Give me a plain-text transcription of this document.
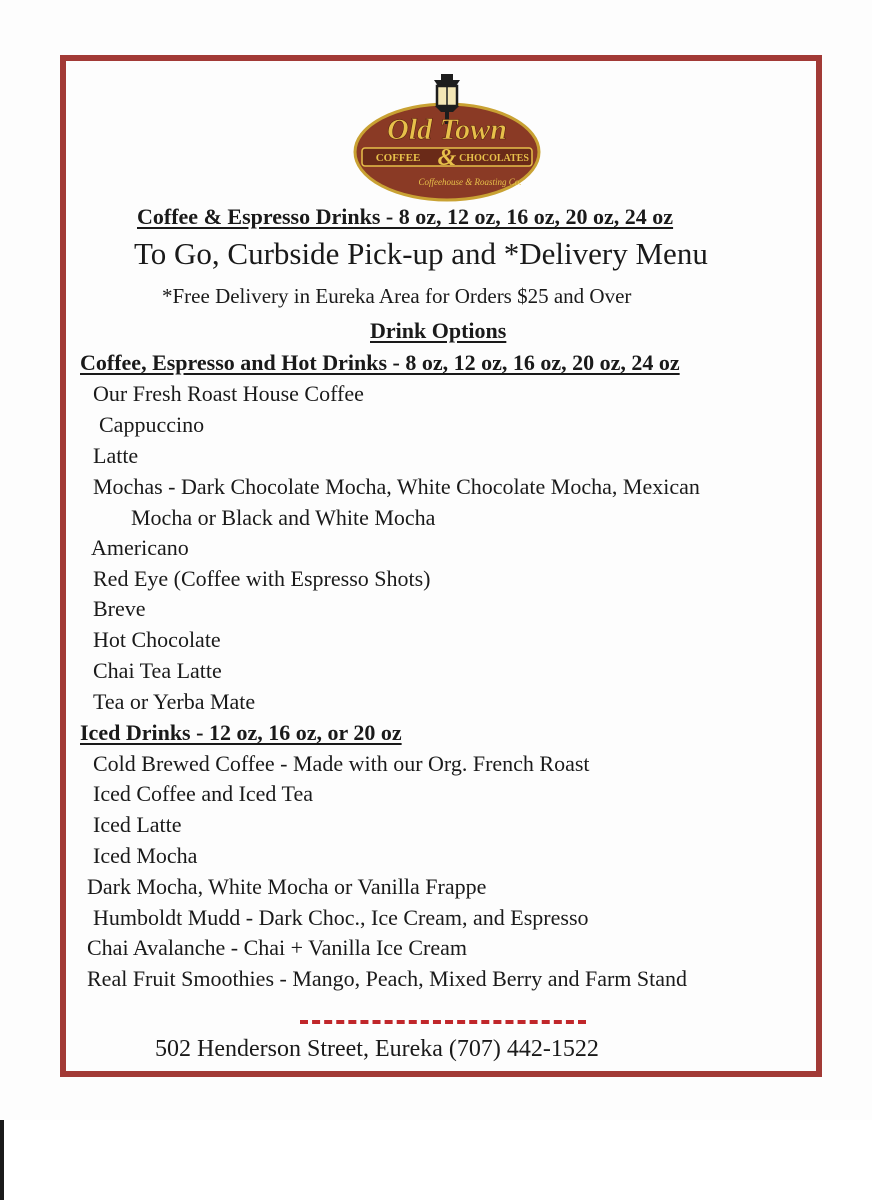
Old Town
COFFEE & CHOCOLATES
Coffeehouse & Roasting Co.

Coffee & Espresso Drinks - 8 oz, 12 oz, 16 oz, 20 oz, 24 oz

To Go, Curbside Pick-up and *Delivery Menu

*Free Delivery in Eureka Area for Orders $25 and Over

Drink Options

Coffee, Espresso and Hot Drinks - 8 oz, 12 oz, 16 oz, 20 oz, 24 oz

Our Fresh Roast House Coffee

Cappuccino

Latte

Mochas - Dark Chocolate Mocha, White Chocolate Mocha, Mexican

Mocha or Black and White Mocha

Americano

Red Eye (Coffee with Espresso Shots)

Breve

Hot Chocolate

Chai Tea Latte

Tea or Yerba Mate

Iced Drinks - 12 oz, 16 oz, or 20 oz

Cold Brewed Coffee - Made with our Org. French Roast

Iced Coffee and Iced Tea

Iced Latte

Iced Mocha

Dark Mocha, White Mocha or Vanilla Frappe

Humboldt Mudd - Dark Choc., Ice Cream, and Espresso

Chai Avalanche - Chai + Vanilla Ice Cream

Real Fruit Smoothies - Mango, Peach, Mixed Berry and Farm Stand

502 Henderson Street, Eureka (707) 442-1522
